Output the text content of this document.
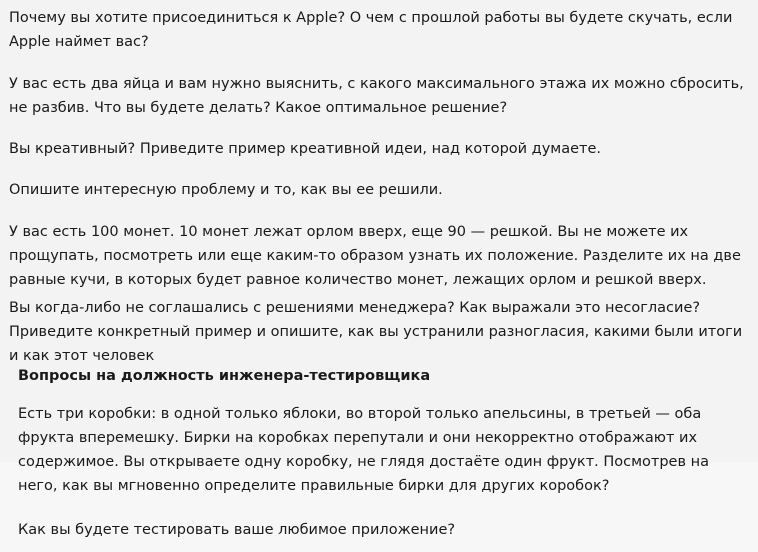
Почему вы хотите присоединиться к Apple? О чем с прошлой работы вы будете скучать, если Apple наймет вас?

У вас есть два яйца и вам нужно выяснить, с какого максимального этажа их можно сбросить, не разбив. Что вы будете делать? Какое оптимальное решение?

Вы креативный? Приведите пример креативной идеи, над которой думаете.

Опишите интересную проблему и то, как вы ее решили.

У вас есть 100 монет. 10 монет лежат орлом вверх, еще 90 — решкой. Вы не можете их прощупать, посмотреть или еще каким-то образом узнать их положение. Разделите их на две равные кучи, в которых будет равное количество монет, лежащих орлом и решкой вверх.

Вы когда-либо не соглашались с решениями менеджера? Как выражали это несогласие? Приведите конкретный пример и опишите, как вы устранили разногласия, какими были итоги и как этот человек

Вопросы на должность инженера-тестировщика

Есть три коробки: в одной только яблоки, во второй только апельсины, в третьей — оба фрукта вперемешку. Бирки на коробках перепутали и они некорректно отображают их содержимое. Вы открываете одну коробку, не глядя достаёте один фрукт. Посмотрев на него, как вы мгновенно определите правильные бирки для других коробок?

Как вы будете тестировать ваше любимое приложение?
